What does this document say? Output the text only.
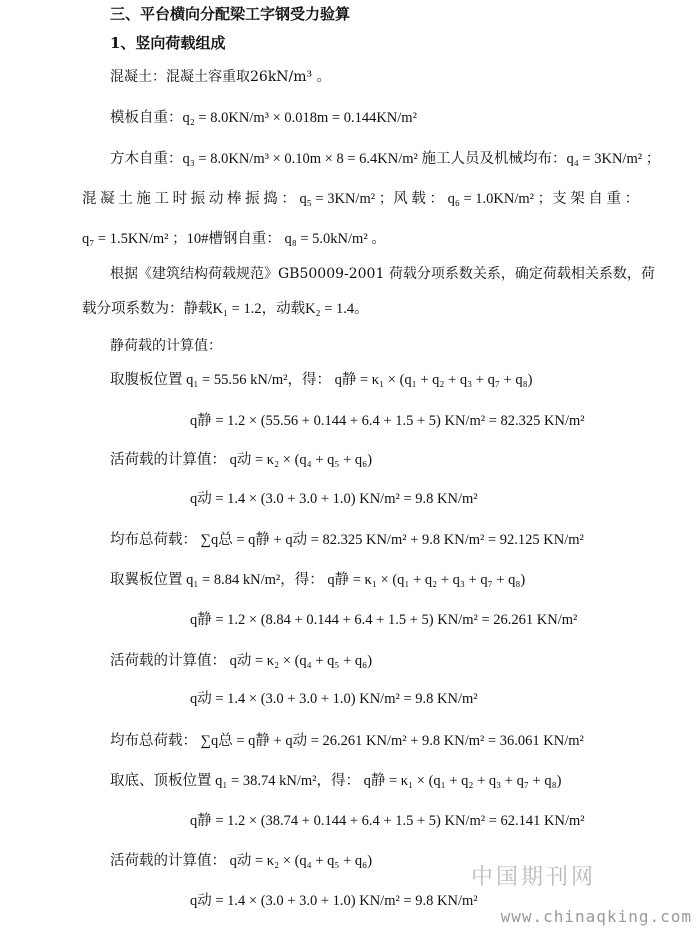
三、平台横向分配梁工字钢受力验算
1、竖向荷载组成
混凝土：混凝土容重取26kN/m³ 。
模板自重：q₂ = 8.0KN/m³ × 0.018m = 0.144KN/m²
方木自重：q₃ = 8.0KN/m³ × 0.10m × 8 = 6.4KN/m² 施工人员及机械均布：q₄ = 3KN/m² ；
混 凝 土 施 工 时 振 动 棒 振 捣 ： q₅ = 3KN/m² ；风 载 ： q₆ = 1.0KN/m² ；支 架 自 重 ：
q₇ = 1.5KN/m² ；10#槽钢自重： q₈ = 5.0kN/m² 。
根据《建筑结构荷载规范》GB50009-2001 荷载分项系数关系，确定荷载相关系数，荷
载分项系数为：静载K₁ = 1.2，动载K₂ = 1.4。
静荷载的计算值：
取腹板位置 q₁ = 55.56 kN/m²，得： q静 = κ₁ × (q₁ + q₂ + q₃ + q₇ + q₈)
q静 = 1.2 × (55.56 + 0.144 + 6.4 + 1.5 + 5) KN/m² = 82.325 KN/m²
活荷载的计算值： q动 = κ₂ × (q₄ + q₅ + q₆)
q动 = 1.4 × (3.0 + 3.0 + 1.0) KN/m² = 9.8 KN/m²
均布总荷载： ∑q总 = q静 + q动 = 82.325 KN/m² + 9.8 KN/m² = 92.125 KN/m²
取翼板位置 q₁ = 8.84 kN/m²，得： q静 = κ₁ × (q₁ + q₂ + q₃ + q₇ + q₈)
q静 = 1.2 × (8.84 + 0.144 + 6.4 + 1.5 + 5) KN/m² = 26.261 KN/m²
活荷载的计算值： q动 = κ₂ × (q₄ + q₅ + q₆)
q动 = 1.4 × (3.0 + 3.0 + 1.0) KN/m² = 9.8 KN/m²
均布总荷载： ∑q总 = q静 + q动 = 26.261 KN/m² + 9.8 KN/m² = 36.061 KN/m²
取底、顶板位置 q₁ = 38.74 kN/m²，得： q静 = κ₁ × (q₁ + q₂ + q₃ + q₇ + q₈)
q静 = 1.2 × (38.74 + 0.144 + 6.4 + 1.5 + 5) KN/m² = 62.141 KN/m²
活荷载的计算值： q动 = κ₂ × (q₄ + q₅ + q₆)
q动 = 1.4 × (3.0 + 3.0 + 1.0) KN/m² = 9.8 KN/m²
中国期刊网
www.chinaqking.com
